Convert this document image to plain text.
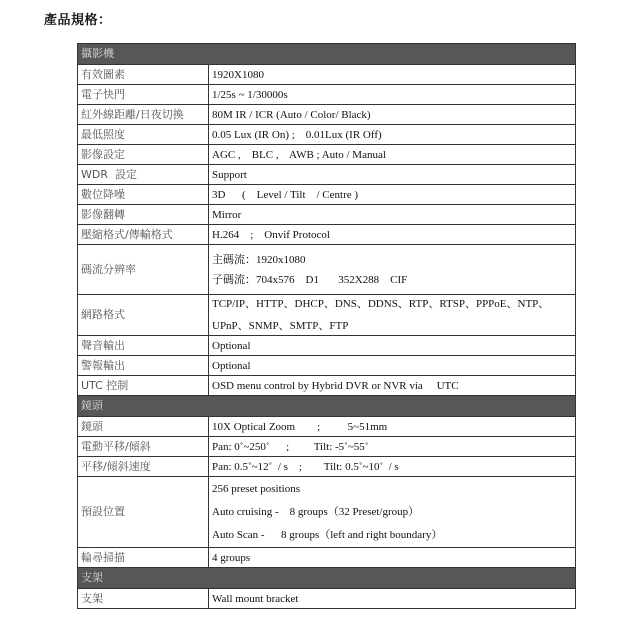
產品規格：
攝影機	
有效圖素	1920X1080
電子快門	1/25s ~ 1/30000s
紅外線距離/日夜切換	80M IR / ICR (Auto / Color/ Black)
最低照度	0.05 Lux (IR On) ;    0.01Lux (IR Off)
影像設定	AGC ,    BLC ,    AWB ; Auto / Manual
WDR  設定	Support
數位降噪	3D      (    Level / Tilt    / Centre )
影像翻轉	Mirror
壓縮格式/傳輸格式	H.264    ;    Onvif Protocol
碼流分辨率	主碼流：1920x1080
子碼流：704x576    D1       352X288    CIF

網路格式	TCP/IP、HTTP、DHCP、DNS、DDNS、RTP、RTSP、PPPoE、NTP、
UPnP、SNMP、SMTP、FTP

聲音輸出	Optional
警報輸出	Optional
UTC 控制	OSD menu control by Hybrid DVR or NVR via     UTC
鏡頭	
鏡頭	10X Optical Zoom        ;          5~51mm
電動平移/傾斜	Pan: 0˚~250˚      ;         Tilt: -5˚~55˚
平移/傾斜速度	Pan: 0.5˚~12˚  / s    ;        Tilt: 0.5˚~10˚  / s
預設位置	256 preset positions
Auto cruising -    8 groups（32 Preset/group）
Auto Scan -      8 groups（left and right boundary）

輪尋掃描	4 groups
支架	
支架	Wall mount bracket
